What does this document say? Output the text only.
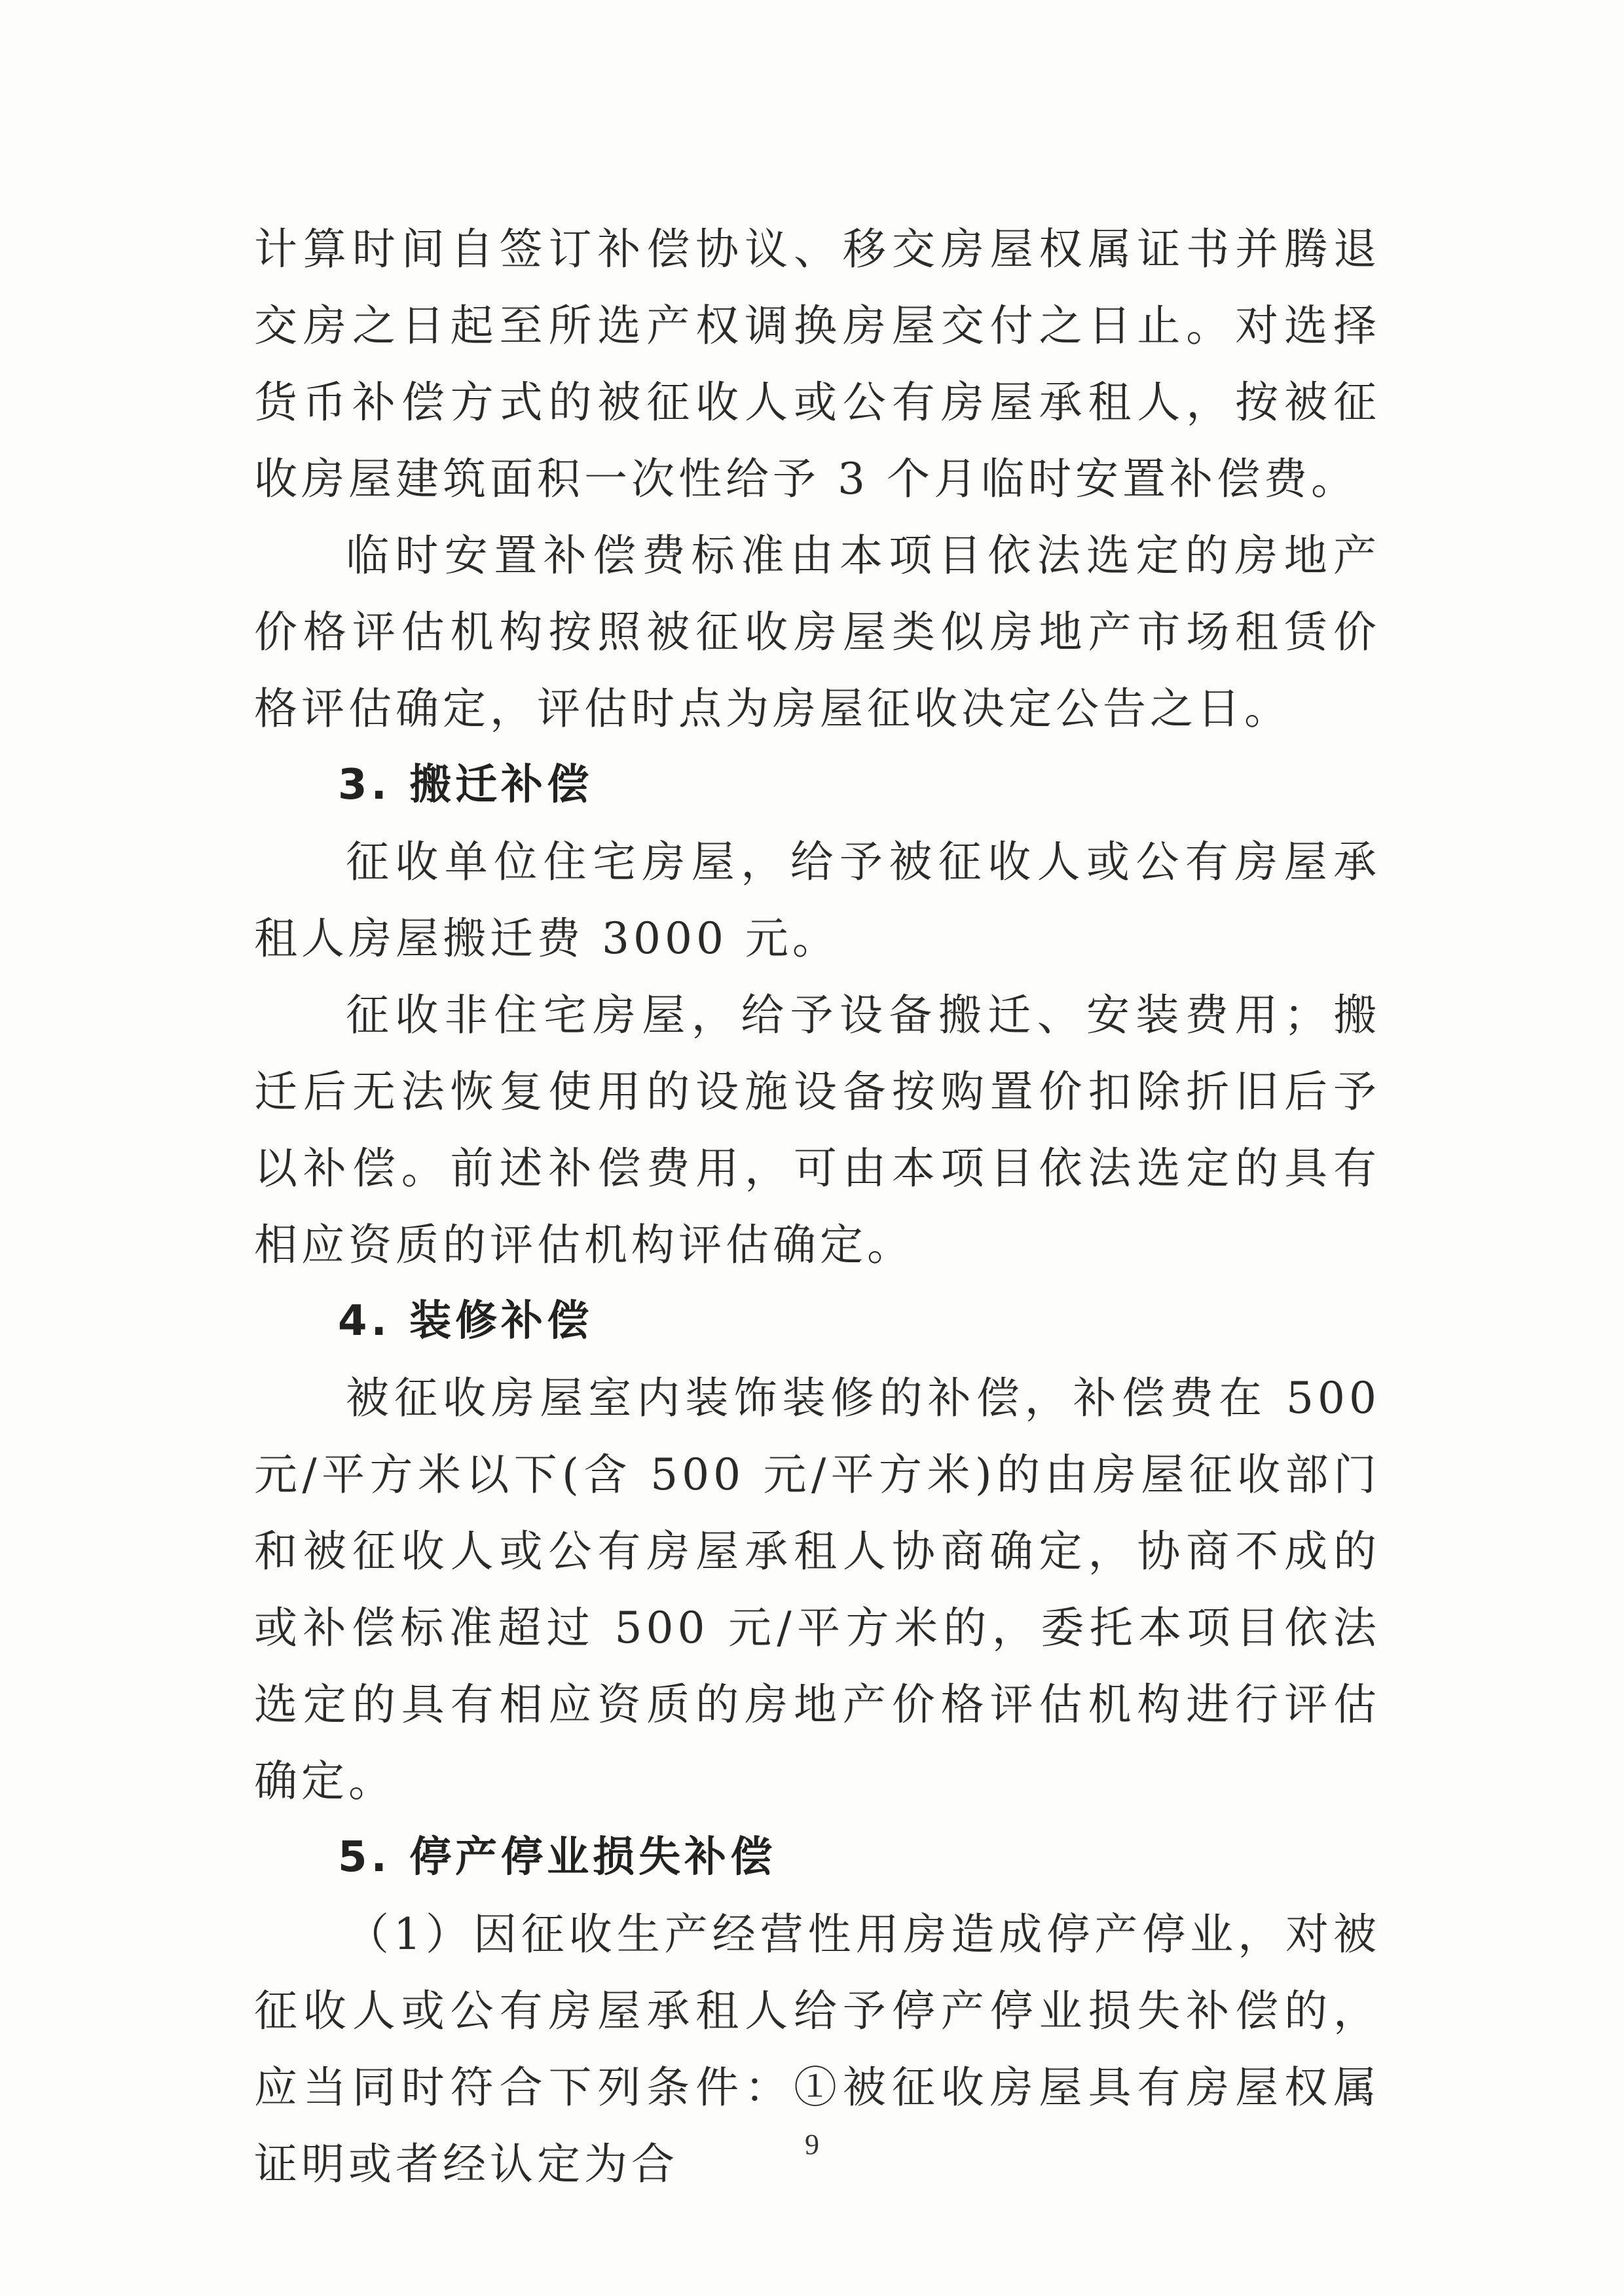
计算时间自签订补偿协议、移交房屋权属证书并腾退交房之日起至所选产权调换房屋交付之日止。对选择货币补偿方式的被征收人或公有房屋承租人，按被征收房屋建筑面积一次性给予 3 个月临时安置补偿费。

临时安置补偿费标准由本项目依法选定的房地产价格评估机构按照被征收房屋类似房地产市场租赁价格评估确定，评估时点为房屋征收决定公告之日。

3. 搬迁补偿

征收单位住宅房屋，给予被征收人或公有房屋承租人房屋搬迁费 3000 元。

征收非住宅房屋，给予设备搬迁、安装费用；搬迁后无法恢复使用的设施设备按购置价扣除折旧后予以补偿。前述补偿费用，可由本项目依法选定的具有相应资质的评估机构评估确定。

4. 装修补偿

被征收房屋室内装饰装修的补偿，补偿费在 500 元/平方米以下(含 500 元/平方米)的由房屋征收部门和被征收人或公有房屋承租人协商确定，协商不成的或补偿标准超过 500 元/平方米的，委托本项目依法选定的具有相应资质的房地产价格评估机构进行评估确定。

5. 停产停业损失补偿

（1）因征收生产经营性用房造成停产停业，对被征收人或公有房屋承租人给予停产停业损失补偿的，应当同时符合下列条件：①被征收房屋具有房屋权属证明或者经认定为合	9
